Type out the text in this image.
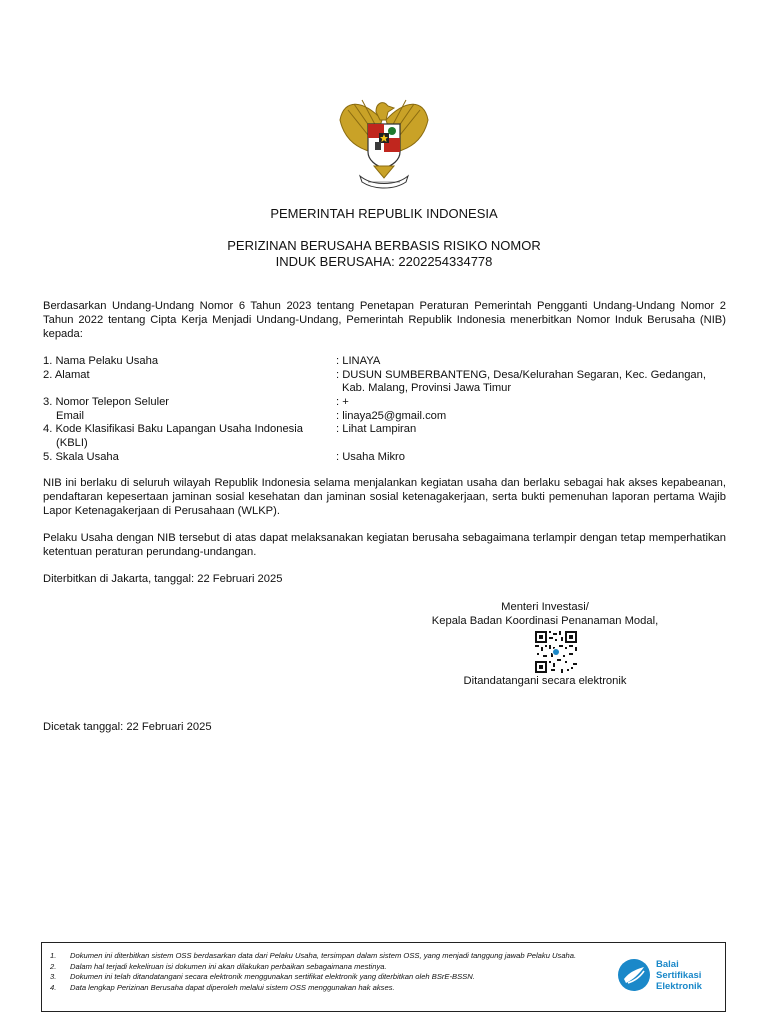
PEMERINTAH REPUBLIK INDONESIA
PERIZINAN BERUSAHA BERBASIS RISIKO NOMOR
INDUK BERUSAHA: 2202254334778
Berdasarkan Undang-Undang Nomor 6 Tahun 2023 tentang Penetapan Peraturan Pemerintah Pengganti Undang-Undang Nomor 2 Tahun 2022 tentang Cipta Kerja Menjadi Undang-Undang, Pemerintah Republik Indonesia menerbitkan Nomor Induk Berusaha (NIB) kepada:
1. Nama Pelaku Usaha	: LINAYA
2. Alamat	: DUSUN SUMBERBANTENG, Desa/Kelurahan Segaran, Kec. Gedangan,
Kab. Malang, Provinsi Jawa Timur
3. Nomor Telepon Seluler	: +
Email	: linaya25@gmail.com
4. Kode Klasifikasi Baku Lapangan Usaha Indonesia
(KBLI)
: Lihat Lampiran
5. Skala Usaha	: Usaha Mikro
NIB ini berlaku di seluruh wilayah Republik Indonesia selama menjalankan kegiatan usaha dan berlaku sebagai hak akses kepabeanan, pendaftaran kepesertaan jaminan sosial kesehatan dan jaminan sosial ketenagakerjaan, serta bukti pemenuhan laporan pertama Wajib Lapor Ketenagakerjaan di Perusahaan (WLKP).
Pelaku Usaha dengan NIB tersebut di atas dapat melaksanakan kegiatan berusaha sebagaimana terlampir dengan tetap memperhatikan ketentuan peraturan perundang-undangan.
Diterbitkan di Jakarta, tanggal: 22 Februari 2025
Menteri Investasi/
Kepala Badan Koordinasi Penanaman Modal,
Ditandatangani secara elektronik
Dicetak tanggal: 22 Februari 2025
1.	Dokumen ini diterbitkan sistem OSS berdasarkan data dari Pelaku Usaha, tersimpan dalam sistem OSS, yang menjadi tanggung jawab Pelaku Usaha.
2.	Dalam hal terjadi kekeliruan isi dokumen ini akan dilakukan perbaikan sebagaimana mestinya.
3.	Dokumen ini telah ditandatangani secara elektronik menggunakan sertifikat elektronik yang diterbitkan oleh BSrE-BSSN.
4.	Data lengkap Perizinan Berusaha dapat diperoleh melalui sistem OSS menggunakan hak akses.
Balai
Sertifikasi
Elektronik
